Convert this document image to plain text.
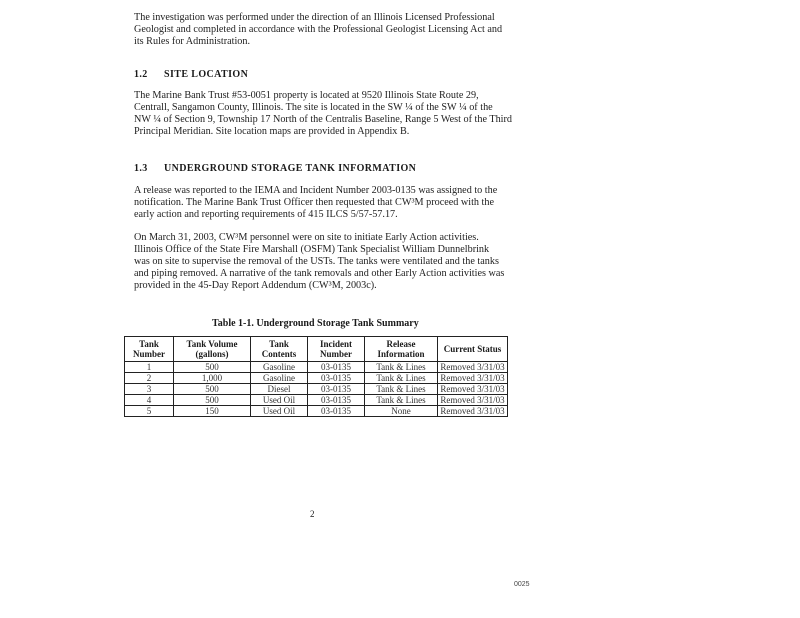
The investigation was performed under the direction of an Illinois Licensed Professional Geologist and completed in accordance with the Professional Geologist Licensing Act and its Rules for Administration.

1.2 SITE LOCATION

The Marine Bank Trust #53-0051 property is located at 9520 Illinois State Route 29, Centrall, Sangamon County, Illinois. The site is located in the SW ¼ of the SW ¼ of the NW ¼ of Section 9, Township 17 North of the Centralis Baseline, Range 5 West of the Third Principal Meridian. Site location maps are provided in Appendix B.

1.3 UNDERGROUND STORAGE TANK INFORMATION

A release was reported to the IEMA and Incident Number 2003-0135 was assigned to the notification. The Marine Bank Trust Officer then requested that CW³M proceed with the early action and reporting requirements of 415 ILCS 5/57-57.17.

On March 31, 2003, CW³M personnel were on site to initiate Early Action activities. Illinois Office of the State Fire Marshall (OSFM) Tank Specialist William Dunnelbrink was on site to supervise the removal of the USTs. The tanks were ventilated and the tanks and piping removed. A narrative of the tank removals and other Early Action activities was provided in the 45-Day Report Addendum (CW³M, 2003c).

Table 1-1. Underground Storage Tank Summary

Tank Number	Tank Volume (gallons)	Tank Contents	Incident Number	Release Information	Current Status
1	500	Gasoline	03-0135	Tank & Lines	Removed 3/31/03
2	1,000	Gasoline	03-0135	Tank & Lines	Removed 3/31/03
3	500	Diesel	03-0135	Tank & Lines	Removed 3/31/03
4	500	Used Oil	03-0135	Tank & Lines	Removed 3/31/03
5	150	Used Oil	03-0135	None	Removed 3/31/03

2

0025
